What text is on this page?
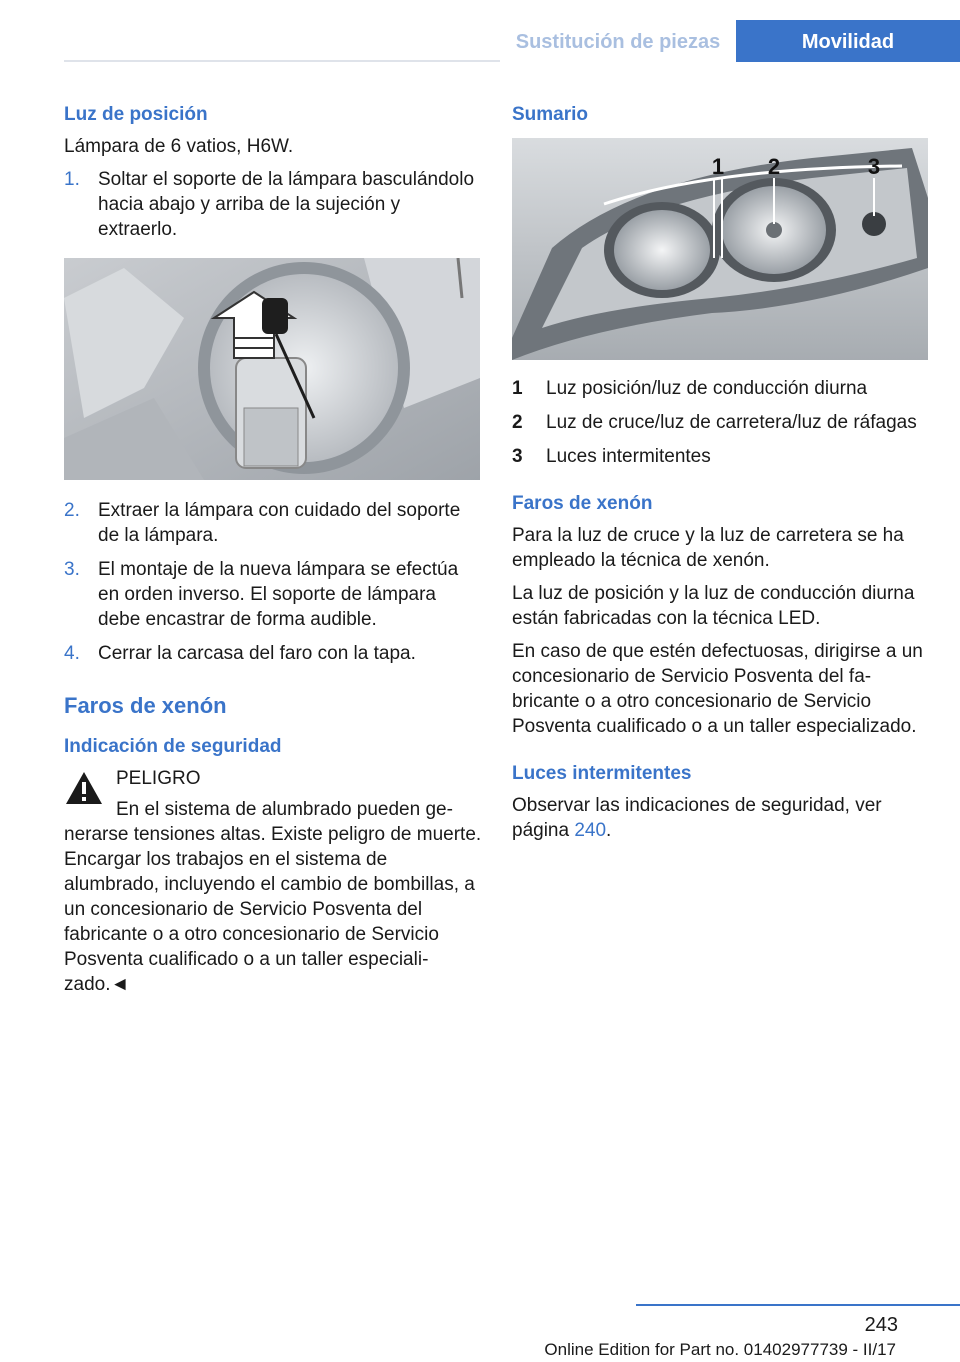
Sustitución de piezas	Movilidad
Luz de posición

Lámpara de 6 vatios, H6W.

1. Soltar el soporte de la lámpara basculándolo hacia abajo y arriba de la sujeción y extraerlo.
2. Extraer la lámpara con cuidado del soporte de la lámpara.
3. El montaje de la nueva lámpara se efectúa en orden inverso. El soporte de lámpara debe encastrar de forma audible.
4. Cerrar la carcasa del faro con la tapa.
Faros de xenón
Indicación de seguridad
PELIGRO
En el sistema de alumbrado pueden generarse tensiones altas. Existe peligro de muerte. Encargar los trabajos en el sistema de alumbrado, incluyendo el cambio de bombillas, a un concesionario de Servicio Posventa del fabricante o a otro concesionario de Servicio Posventa cualificado o a un taller especializado.◄
Sumario
1 2	3
1	Luz posición/luz de conducción diurna
2	Luz de cruce/luz de carretera/luz de ráfagas
3	Luces intermitentes
Faros de xenón

Para la luz de cruce y la luz de carretera se ha empleado la técnica de xenón.

La luz de posición y la luz de conducción diurna están fabricadas con la técnica LED.

En caso de que estén defectuosas, dirigirse a un concesionario de Servicio Posventa del fabricante o a otro concesionario de Servicio Posventa cualificado o a un taller especializado.

Luces intermitentes

Observar las indicaciones de seguridad, ver página 240.

243
Online Edition for Part no. 01402977739 - II/17
